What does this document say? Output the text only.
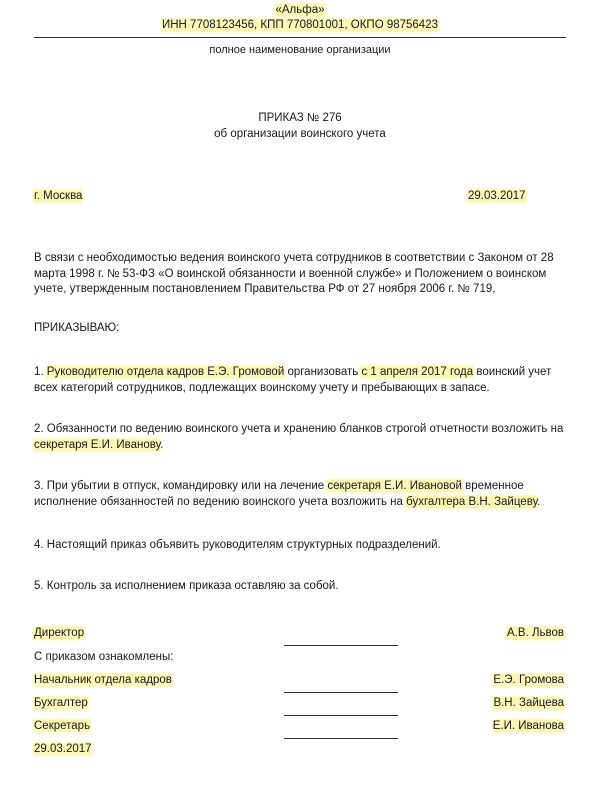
«Альфа»
ИНН 7708123456, КПП 770801001, ОКПО 98756423
полное наименование организации
ПРИКАЗ № 276
об организации воинского учета
г. Москва	29.03.2017
В связи с необходимостью ведения воинского учета сотрудников в соответствии с Законом от 28 марта 1998 г. № 53-ФЗ «О воинской обязанности и военной службе» и Положением о воинском учете, утвержденным постановлением Правительства РФ от 27 ноября 2006 г. № 719,
ПРИКАЗЫВАЮ:
1. Руководителю отдела кадров Е.Э. Громовой организовать с 1 апреля 2017 года воинский учет всех категорий сотрудников, подлежащих воинскому учету и пребывающих в запасе.
2. Обязанности по ведению воинского учета и хранению бланков строгой отчетности возложить на секретаря Е.И. Иванову.
3. При убытии в отпуск, командировку или на лечение секретаря Е.И. Ивановой временное исполнение обязанностей по ведению воинского учета возложить на бухгалтера В.Н. Зайцеву.
4. Настоящий приказ объявить руководителям структурных подразделений.
5. Контроль за исполнением приказа оставляю за собой.
Директор	А.В. Львов
С приказом ознакомлены:
Начальник отдела кадров	Е.Э. Громова
Бухгалтер	В.Н. Зайцева
Секретарь	Е.И. Иванова
29.03.2017
